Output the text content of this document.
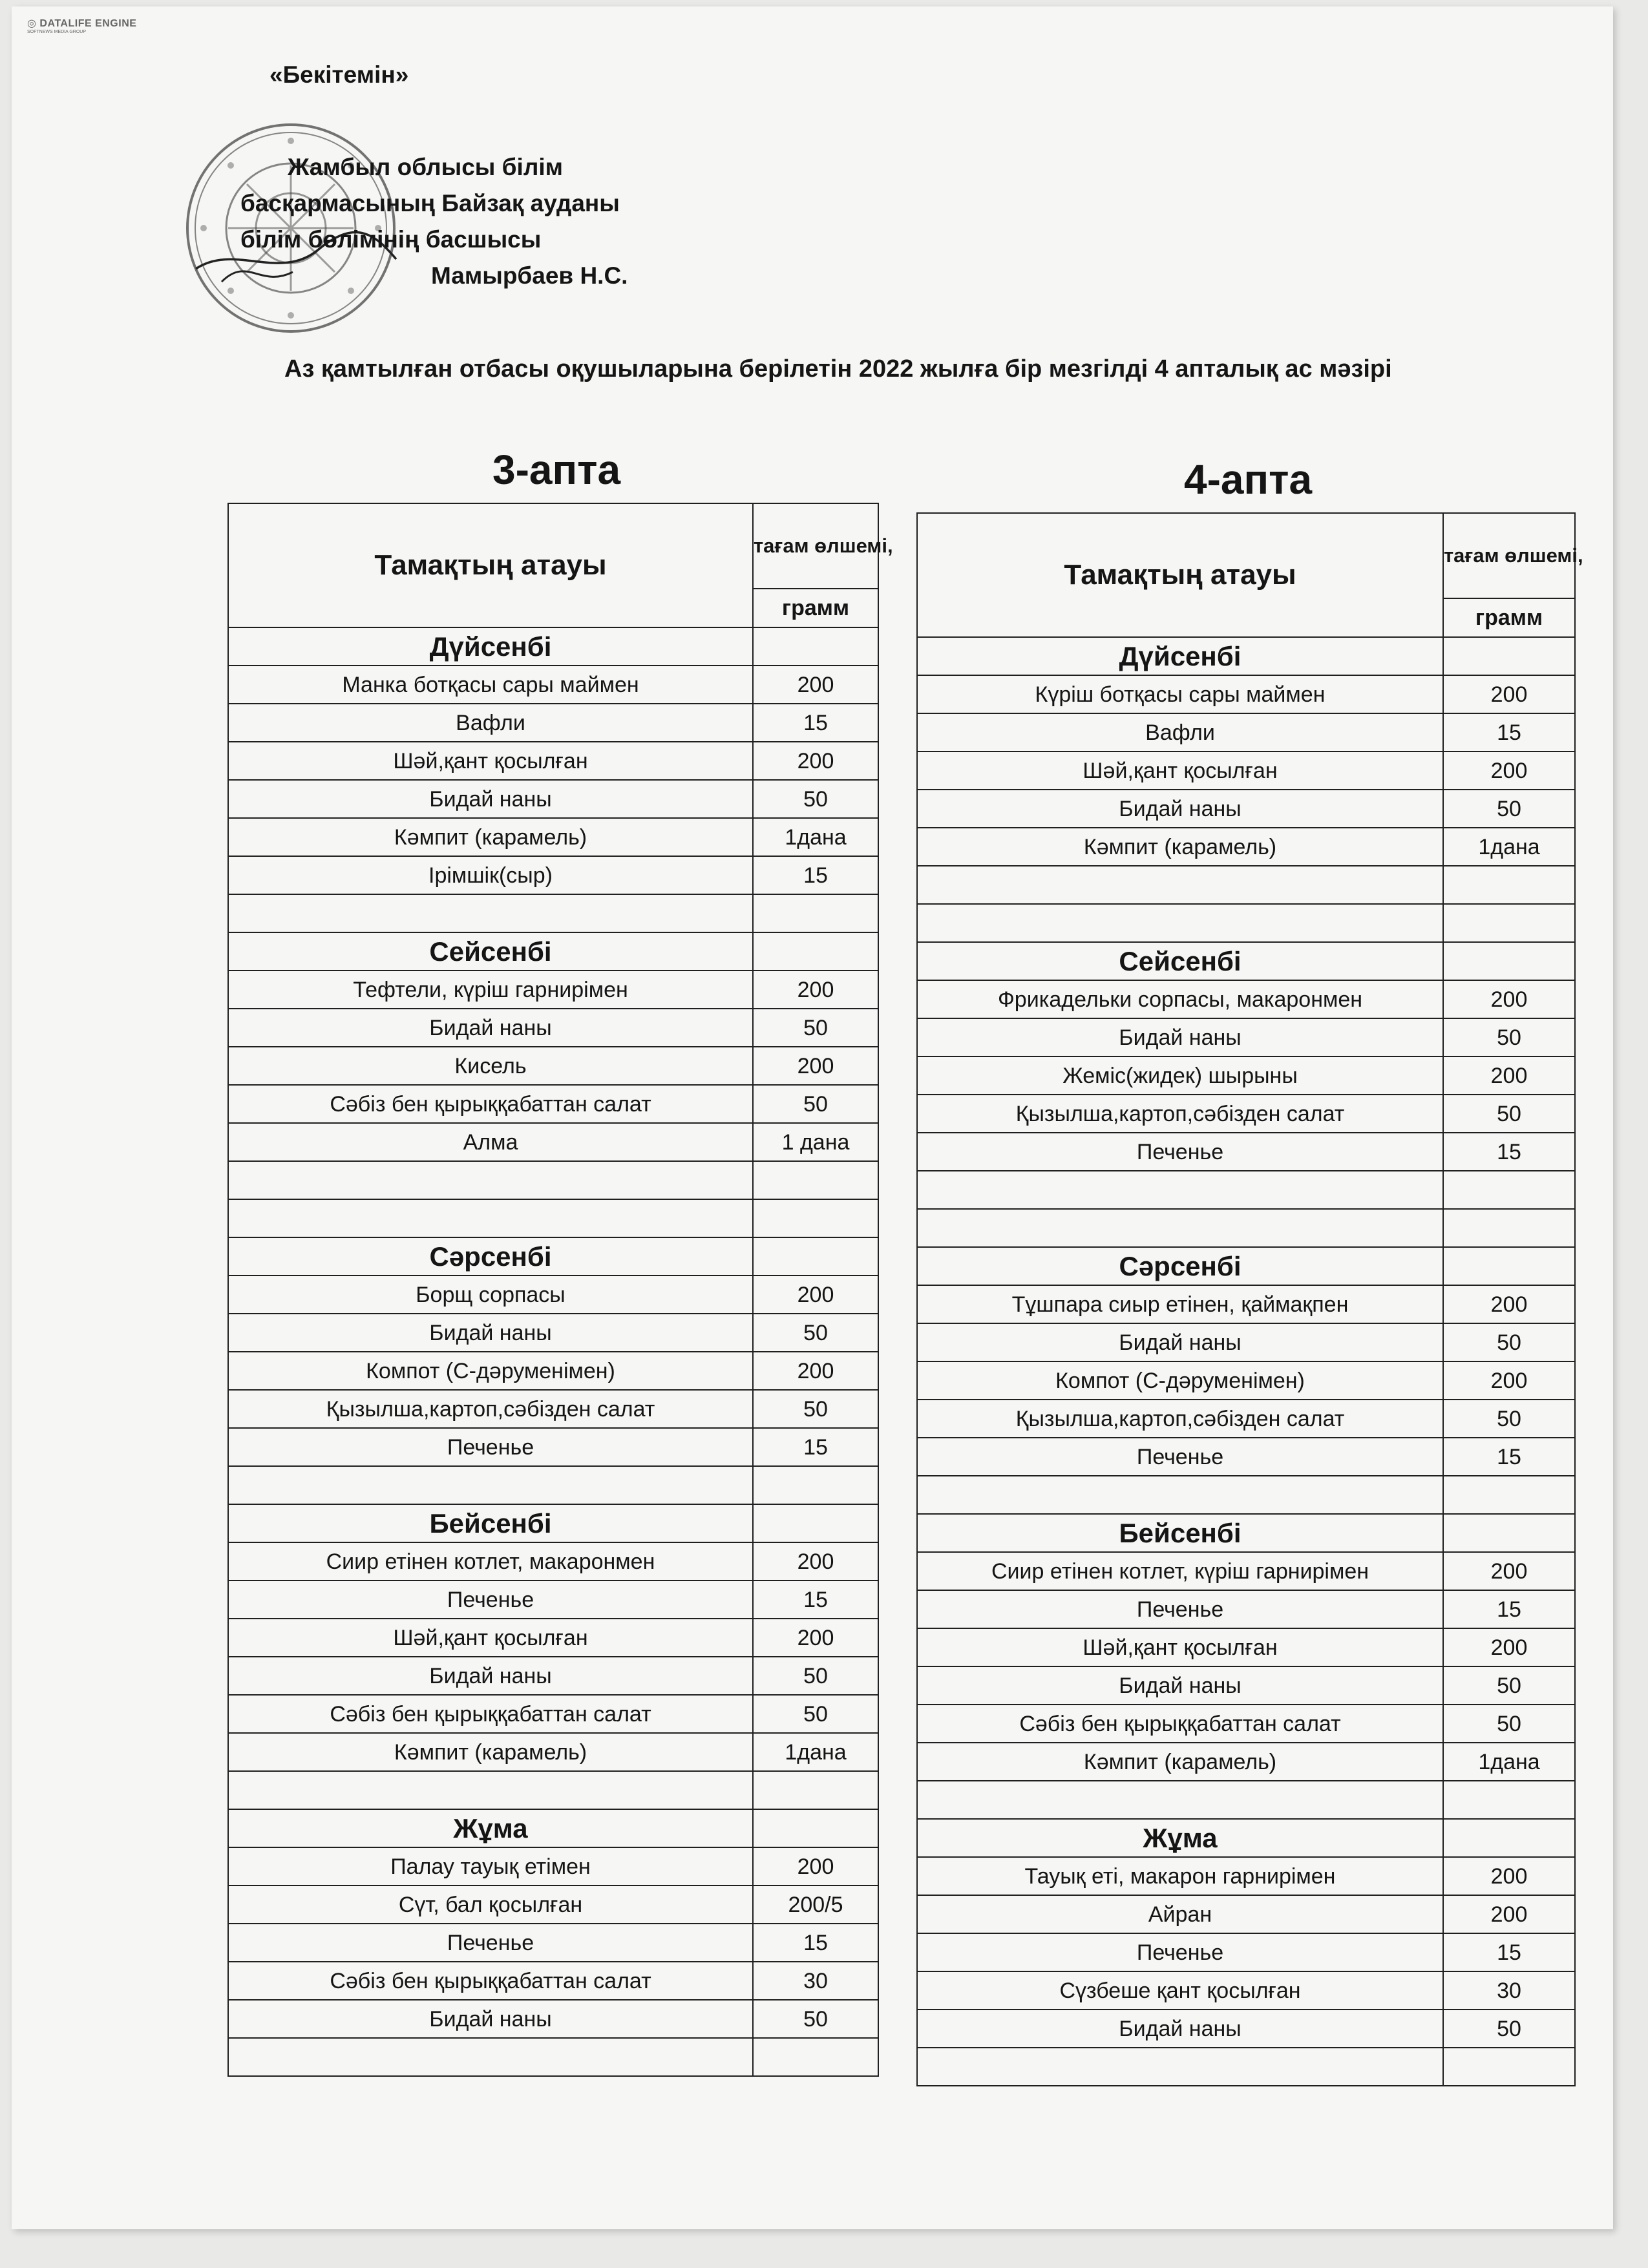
◎ DATALIFE ENGINE
SOFTNEWS MEDIA GROUP
«Бекітемін»
Жамбыл облысы білім
басқармасының Байзақ ауданы
білім бөлімінің басшысы
Мамырбаев Н.С.
Аз қамтылған отбасы оқушыларына берілетін 2022 жылға бір мезгілді 4 апталық ас мәзірі
3-апта	4-апта
Тамақтың атауы	тағам өлшемі,
	грамм
Дүйсенбі	
Манка ботқасы сары маймен	200
Вафли	15
Шәй,қант қосылған	200
Бидай наны	50
Кәмпит (карамель)	1дана
Ірімшік(сыр)	15

Сейсенбі	
Тефтели, күріш гарнирімен	200
Бидай наны	50
Кисель	200
Сәбіз бен қырыққабаттан салат	50
Алма	1 дана

Сәрсенбі	
Борщ сорпасы	200
Бидай наны	50
Компот (С-дәруменімен)	200
Қызылша,картоп,сәбізден салат	50
Печенье	15

Бейсенбі	
Сиир етінен котлет, макаронмен	200
Печенье	15
Шәй,қант қосылған	200
Бидай наны	50
Сәбіз бен қырыққабаттан салат	50
Кәмпит (карамель)	1дана

Жұма	
Палау тауық етімен	200
Сүт, бал қосылған	200/5
Печенье	15
Сәбіз бен қырыққабаттан салат	30
Бидай наны	50

Тамақтың атауы	тағам өлшемі,
	грамм
Дүйсенбі	
Күріш ботқасы сары маймен	200
Вафли	15
Шәй,қант қосылған	200
Бидай наны	50
Кәмпит (карамель)	1дана

Сейсенбі	
Фрикадельки сорпасы, макаронмен	200
Бидай наны	50
Жеміс(жидек) шырыны	200
Қызылша,картоп,сәбізден салат	50
Печенье	15

Сәрсенбі	
Тұшпара сиыр етінен, қаймақпен	200
Бидай наны	50
Компот (С-дәруменімен)	200
Қызылша,картоп,сәбізден салат	50
Печенье	15

Бейсенбі	
Сиир етінен котлет, күріш гарнирімен	200
Печенье	15
Шәй,қант қосылған	200
Бидай наны	50
Сәбіз бен қырыққабаттан салат	50
Кәмпит (карамель)	1дана

Жұма	
Тауық еті, макарон гарнирімен	200
Айран	200
Печенье	15
Сүзбеше қант қосылған	30
Бидай наны	50
